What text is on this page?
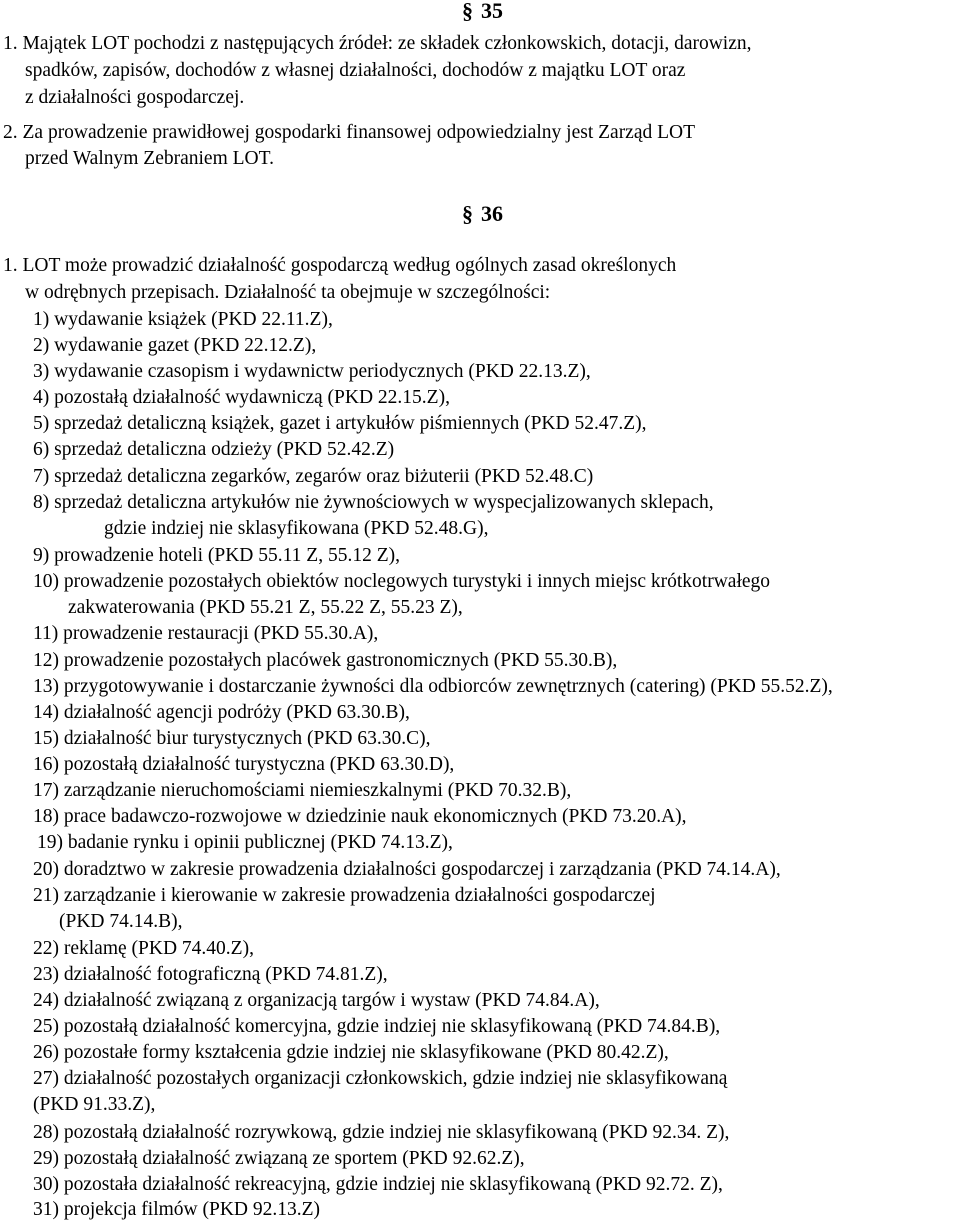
§ 35
1. Majątek LOT pochodzi z następujących źródeł: ze składek członkowskich, dotacji, darowizn,
spadków, zapisów, dochodów z własnej działalności, dochodów z majątku LOT oraz
z działalności gospodarczej.
2. Za prowadzenie prawidłowej gospodarki finansowej odpowiedzialny jest Zarząd LOT
przed Walnym Zebraniem LOT.
§ 36
1. LOT może prowadzić działalność gospodarczą według ogólnych zasad określonych
w odrębnych przepisach. Działalność ta obejmuje w szczególności:
1) wydawanie książek (PKD 22.11.Z),
2) wydawanie gazet (PKD 22.12.Z),
3) wydawanie czasopism i wydawnictw periodycznych (PKD 22.13.Z),
4) pozostałą działalność wydawniczą (PKD 22.15.Z),
5) sprzedaż detaliczną książek, gazet i artykułów piśmiennych (PKD 52.47.Z),
6) sprzedaż detaliczna odzieży (PKD 52.42.Z)
7) sprzedaż detaliczna zegarków, zegarów oraz biżuterii (PKD 52.48.C)
8) sprzedaż detaliczna artykułów nie żywnościowych w wyspecjalizowanych sklepach,
gdzie indziej nie sklasyfikowana (PKD 52.48.G),
9) prowadzenie hoteli (PKD 55.11 Z, 55.12 Z),
10) prowadzenie pozostałych obiektów noclegowych turystyki i innych miejsc krótkotrwałego
zakwaterowania (PKD 55.21 Z, 55.22 Z, 55.23 Z),
11) prowadzenie restauracji (PKD 55.30.A),
12) prowadzenie pozostałych placówek gastronomicznych (PKD 55.30.B),
13) przygotowywanie i dostarczanie żywności dla odbiorców zewnętrznych (catering) (PKD 55.52.Z),
14) działalność agencji podróży (PKD 63.30.B),
15) działalność biur turystycznych (PKD 63.30.C),
16) pozostałą działalność turystyczna (PKD 63.30.D),
17) zarządzanie nieruchomościami niemieszkalnymi (PKD 70.32.B),
18) prace badawczo-rozwojowe w dziedzinie nauk ekonomicznych (PKD 73.20.A),
19) badanie rynku i opinii publicznej (PKD 74.13.Z),
20) doradztwo w zakresie prowadzenia działalności gospodarczej i zarządzania (PKD 74.14.A),
21) zarządzanie i kierowanie w zakresie prowadzenia działalności gospodarczej
(PKD 74.14.B),
22) reklamę (PKD 74.40.Z),
23) działalność fotograficzną (PKD 74.81.Z),
24) działalność związaną z organizacją targów i wystaw (PKD 74.84.A),
25) pozostałą działalność komercyjna, gdzie indziej nie sklasyfikowaną (PKD 74.84.B),
26) pozostałe formy kształcenia gdzie indziej nie sklasyfikowane (PKD 80.42.Z),
27) działalność pozostałych organizacji członkowskich, gdzie indziej nie sklasyfikowaną
(PKD 91.33.Z),
28) pozostałą działalność rozrywkową, gdzie indziej nie sklasyfikowaną (PKD 92.34. Z),
29) pozostałą działalność związaną ze sportem (PKD 92.62.Z),
30) pozostała działalność rekreacyjną, gdzie indziej nie sklasyfikowaną (PKD 92.72. Z),
31) projekcja filmów (PKD 92.13.Z)
